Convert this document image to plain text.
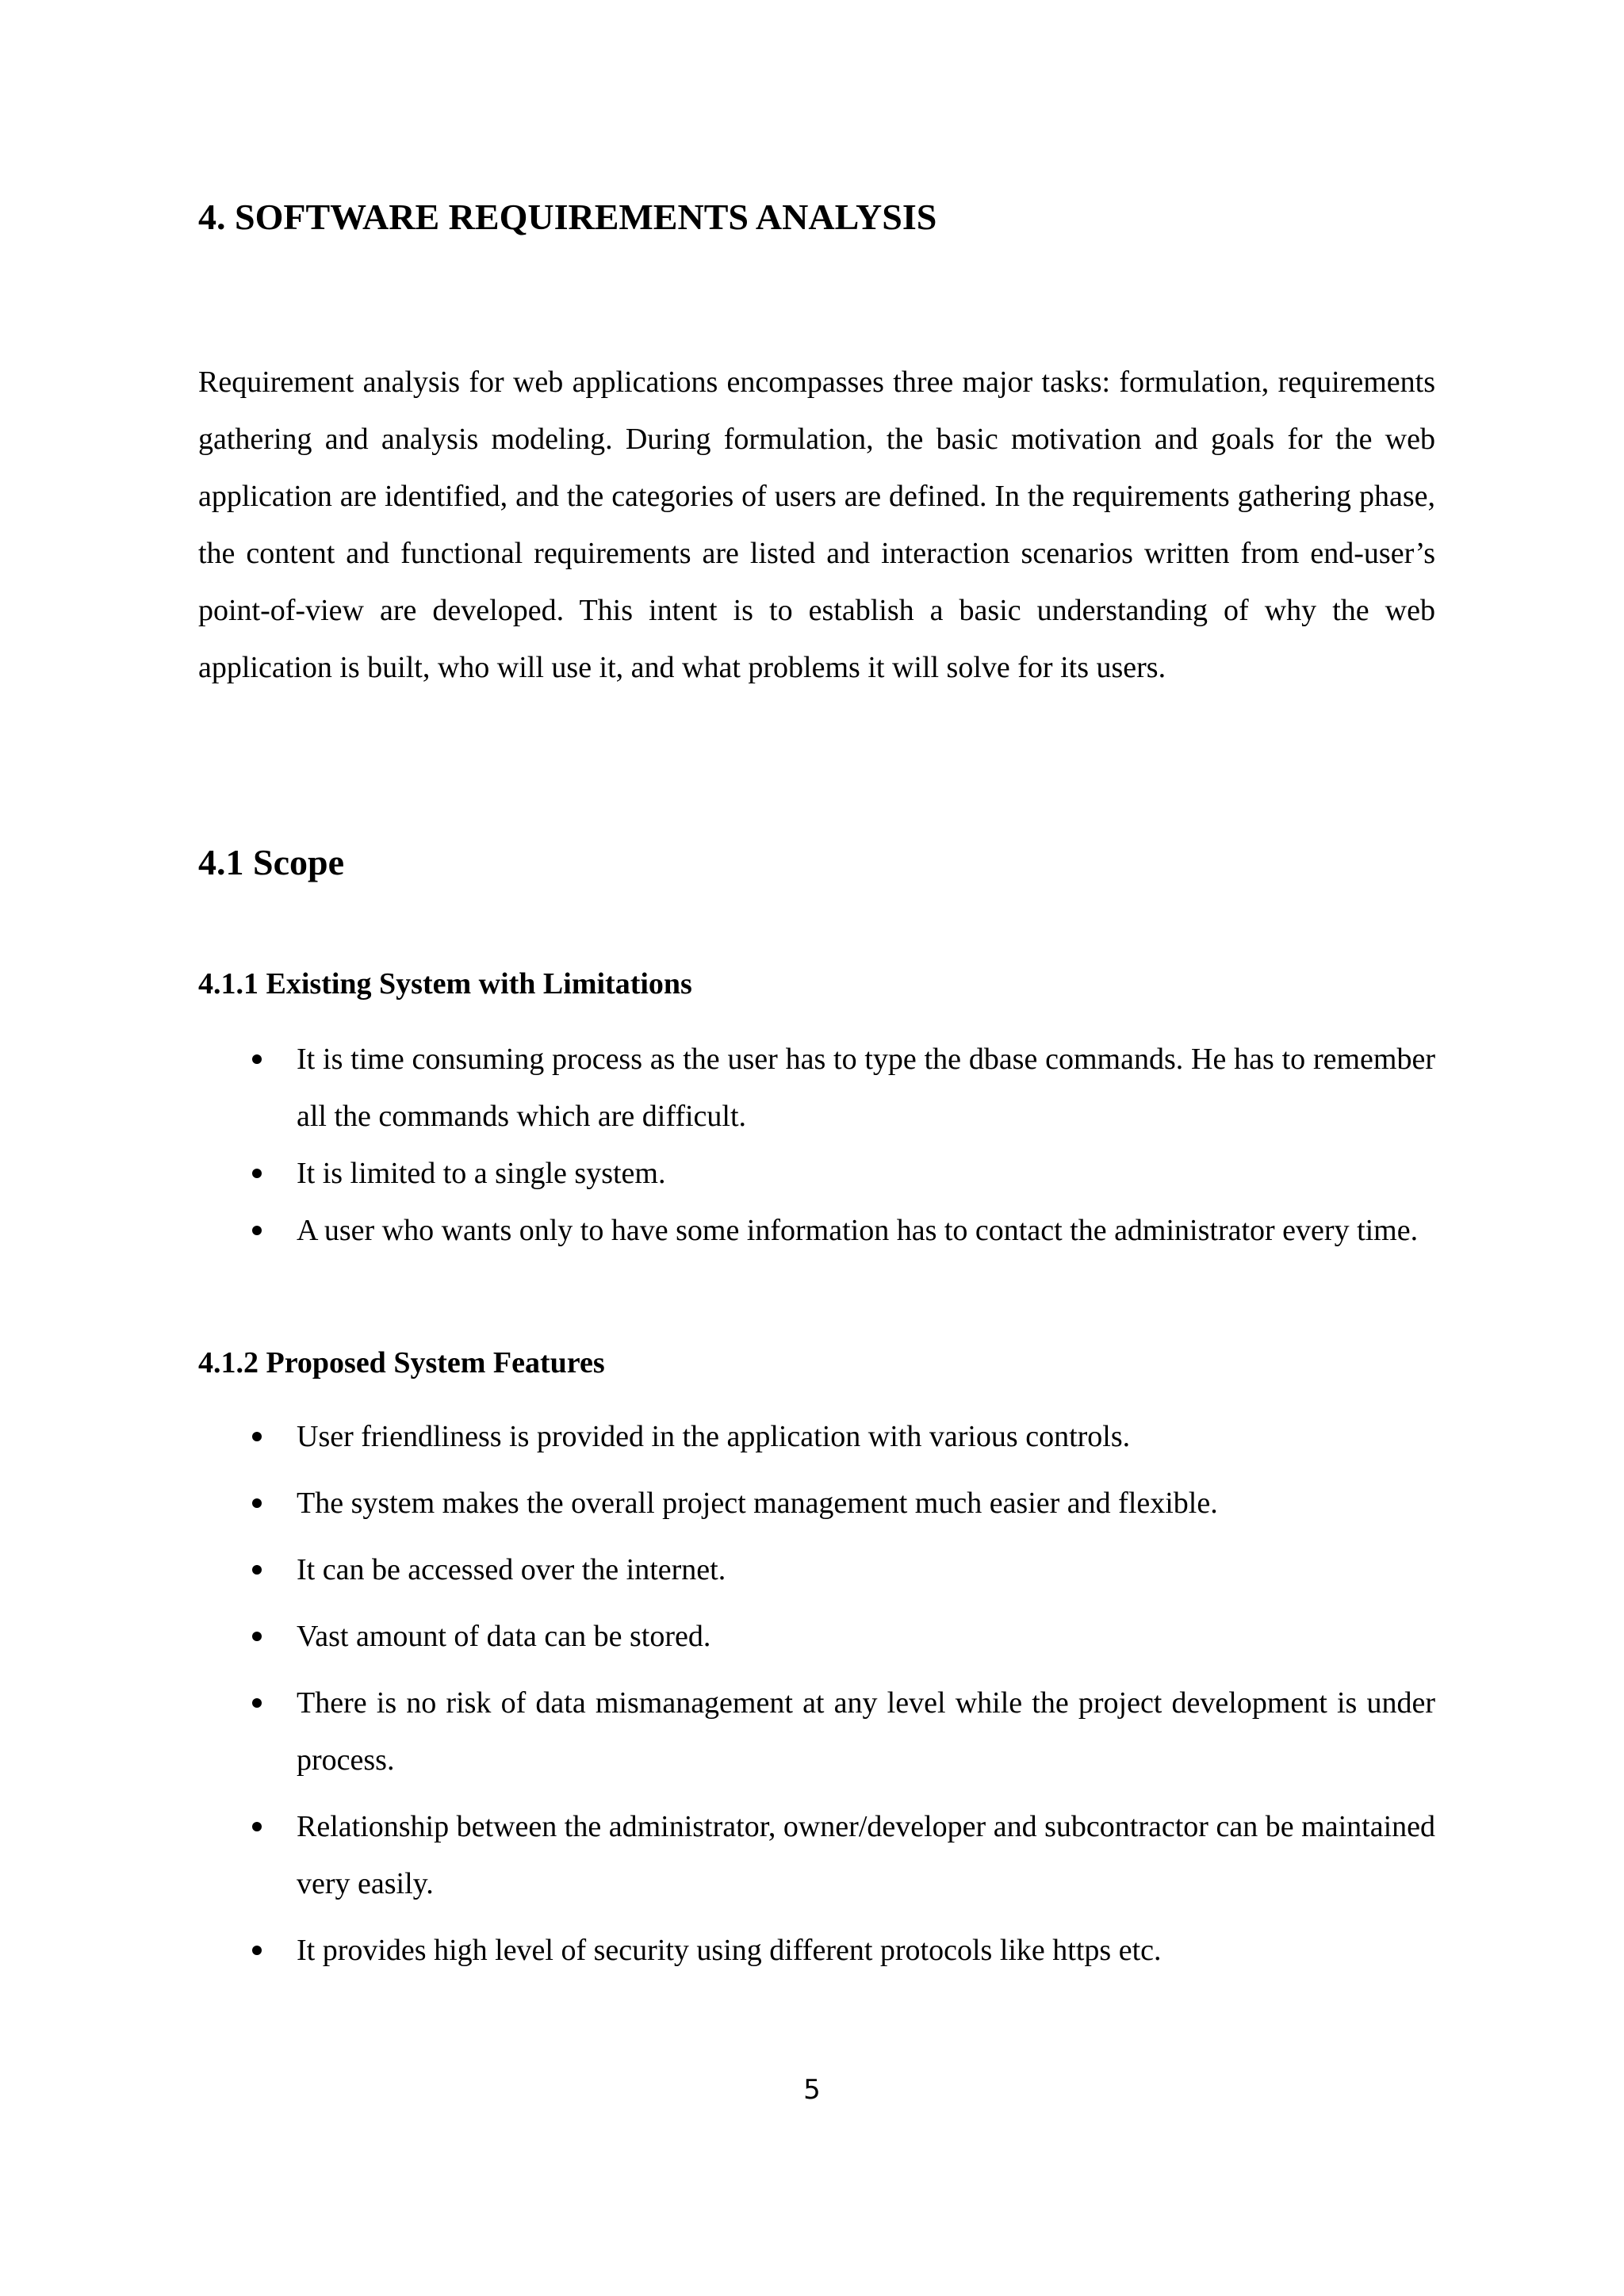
4. SOFTWARE REQUIREMENTS ANALYSIS

Requirement analysis for web applications encompasses three major tasks: formulation, requirements gathering and analysis modeling. During formulation, the basic motivation and goals for the web application are identified, and the categories of users are defined. In the requirements gathering phase, the content and functional requirements are listed and interaction scenarios written from end-user’s point-of-view are developed. This intent is to establish a basic understanding of why the web application is built, who will use it, and what problems it will solve for its users.

4.1 Scope
4.1.1 Existing System with Limitations
It is time consuming process as the user has to type the dbase commands. He has to remember all the commands which are difficult.
It is limited to a single system.
A user who wants only to have some information has to contact the administrator every time.
4.1.2 Proposed System Features
User friendliness is provided in the application with various controls.
The system makes the overall project management much easier and flexible.
It can be accessed over the internet.
Vast amount of data can be stored.
There is no risk of data mismanagement at any level while the project development is under process.
Relationship between the administrator, owner/developer and subcontractor can be maintained very easily.
It provides high level of security using different protocols like https etc.
5
